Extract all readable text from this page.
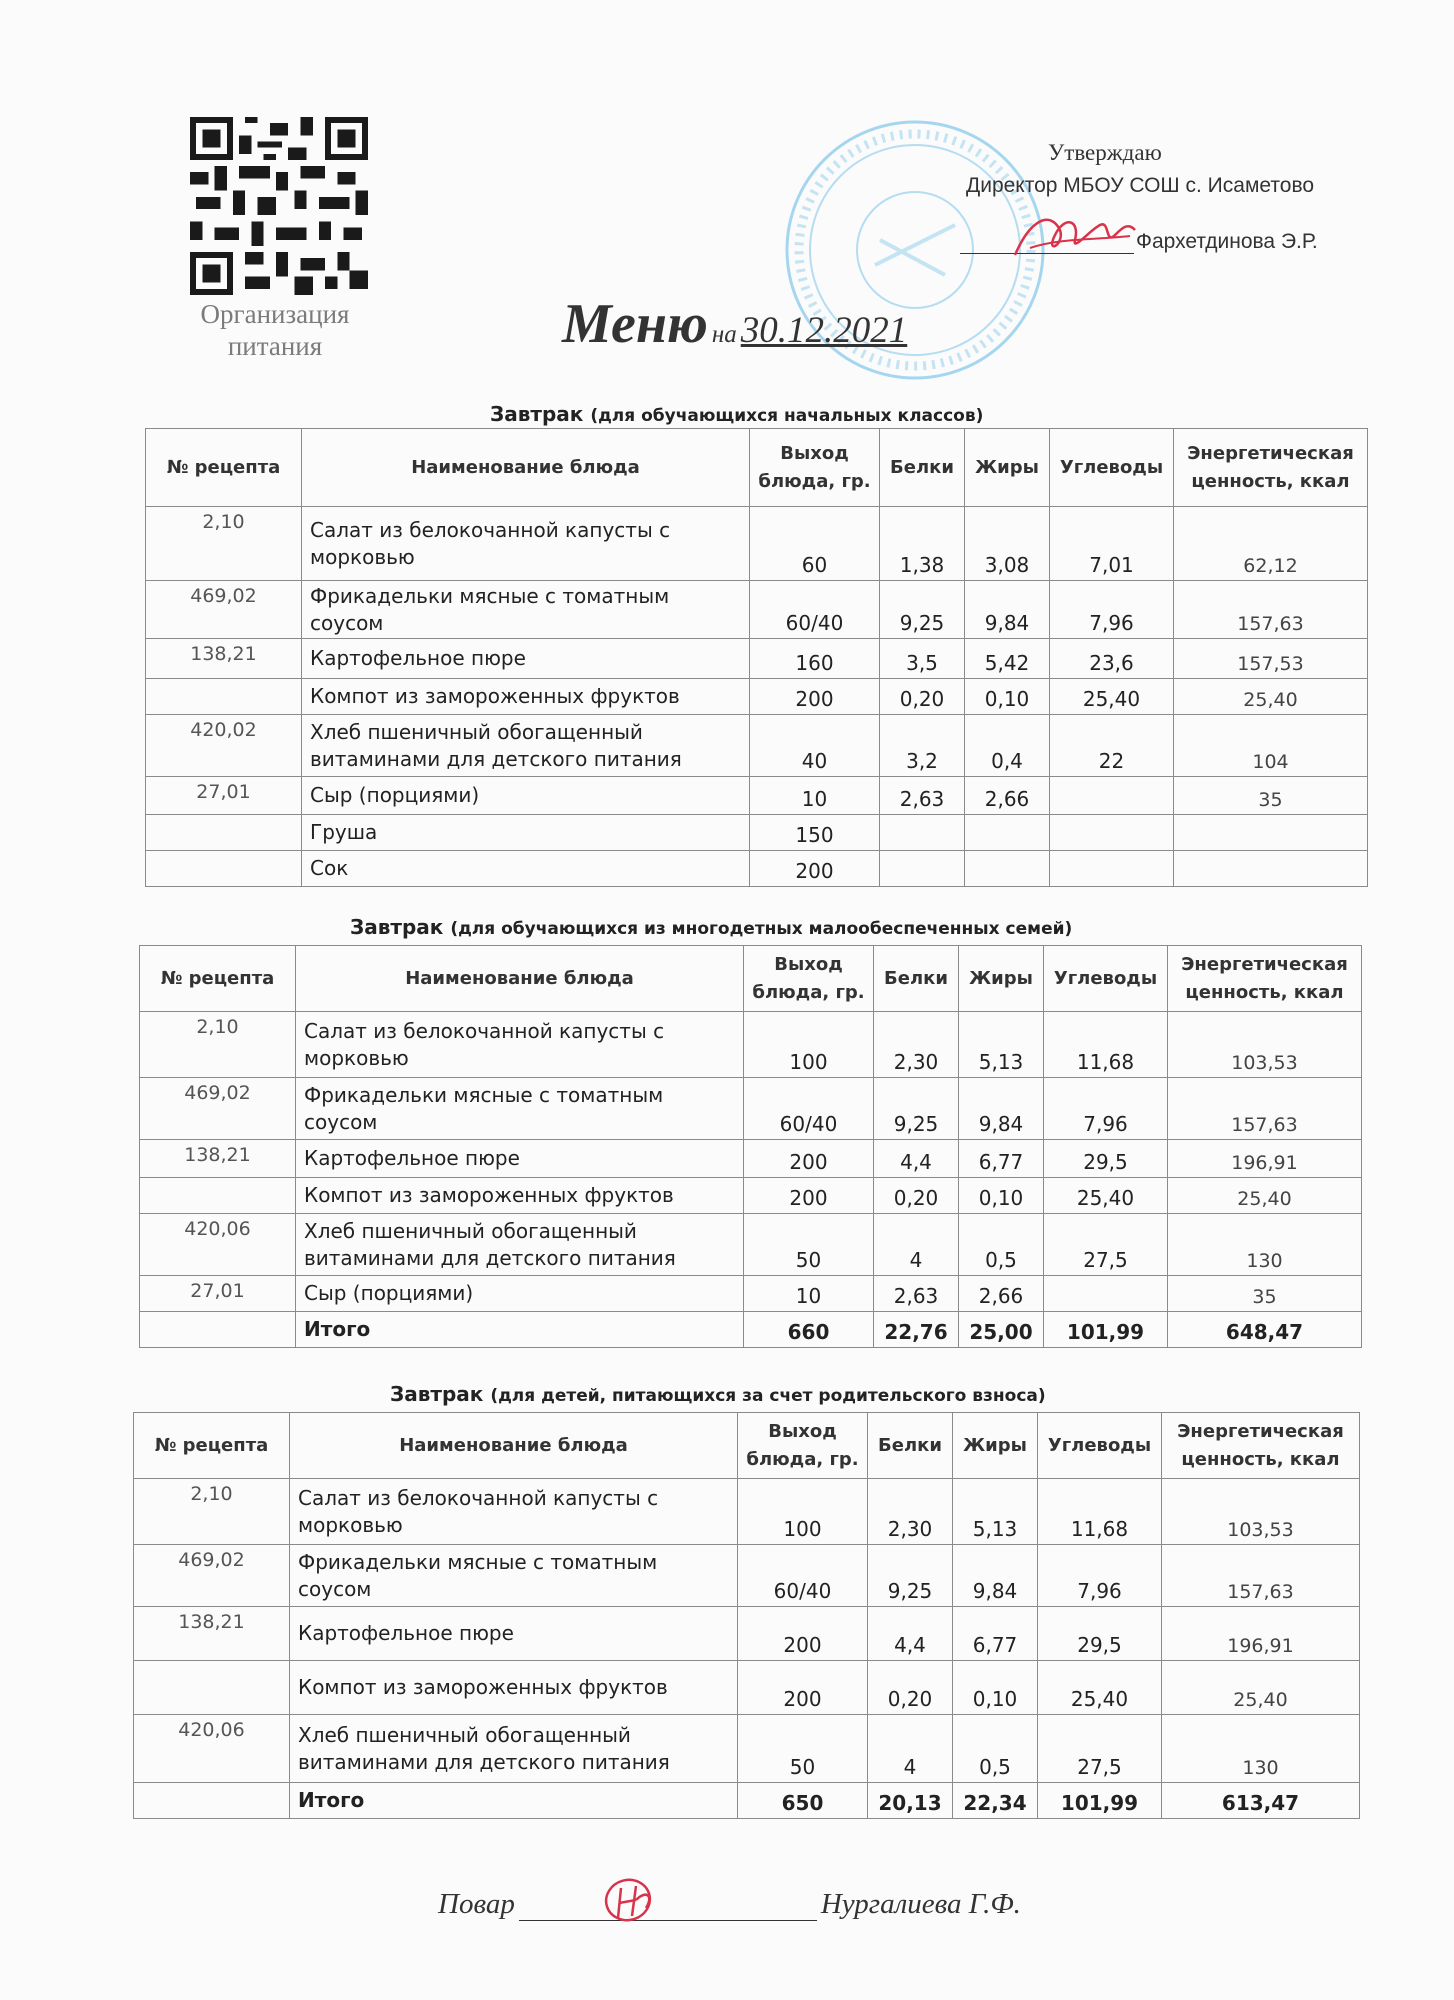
Организация питания
Утверждаю
Директор МБОУ СОШ с. Исаметово
Фархетдинова Э.Р.
Меню на 30.12.2021
Завтрак (для обучающихся начальных классов)
№ рецепта	Наименование блюда	Выход блюда, гр.	Белки	Жиры	Углеводы	Энергетическая ценность, ккал
2,10	Салат из белокочанной капусты с морковью	60	1,38	3,08	7,01	62,12
469,02	Фрикадельки мясные с томатным соусом	60/40	9,25	9,84	7,96	157,63
138,21	Картофельное пюре	160	3,5	5,42	23,6	157,53
	Компот из замороженных фруктов	200	0,20	0,10	25,40	25,40
420,02	Хлеб пшеничный обогащенный витаминами для детского питания	40	3,2	0,4	22	104
27,01	Сыр (порциями)	10	2,63	2,66		35
	Груша	150				
	Сок	200				
Завтрак (для обучающихся из многодетных малообеспеченных семей)
№ рецепта	Наименование блюда	Выход блюда, гр.	Белки	Жиры	Углеводы	Энергетическая ценность, ккал
2,10	Салат из белокочанной капусты с морковью	100	2,30	5,13	11,68	103,53
469,02	Фрикадельки мясные с томатным соусом	60/40	9,25	9,84	7,96	157,63
138,21	Картофельное пюре	200	4,4	6,77	29,5	196,91
	Компот из замороженных фруктов	200	0,20	0,10	25,40	25,40
420,06	Хлеб пшеничный обогащенный витаминами для детского питания	50	4	0,5	27,5	130
27,01	Сыр (порциями)	10	2,63	2,66		35
	Итого	660	22,76	25,00	101,99	648,47
Завтрак (для детей, питающихся за счет родительского взноса)
№ рецепта	Наименование блюда	Выход блюда, гр.	Белки	Жиры	Углеводы	Энергетическая ценность, ккал
2,10	Салат из белокочанной капусты с морковью	100	2,30	5,13	11,68	103,53
469,02	Фрикадельки мясные с томатным соусом	60/40	9,25	9,84	7,96	157,63
138,21	Картофельное пюре	200	4,4	6,77	29,5	196,91
	Компот из замороженных фруктов	200	0,20	0,10	25,40	25,40
420,06	Хлеб пшеничный обогащенный витаминами для детского питания	50	4	0,5	27,5	130
	Итого	650	20,13	22,34	101,99	613,47
Повар	Нургалиева Г.Ф.
